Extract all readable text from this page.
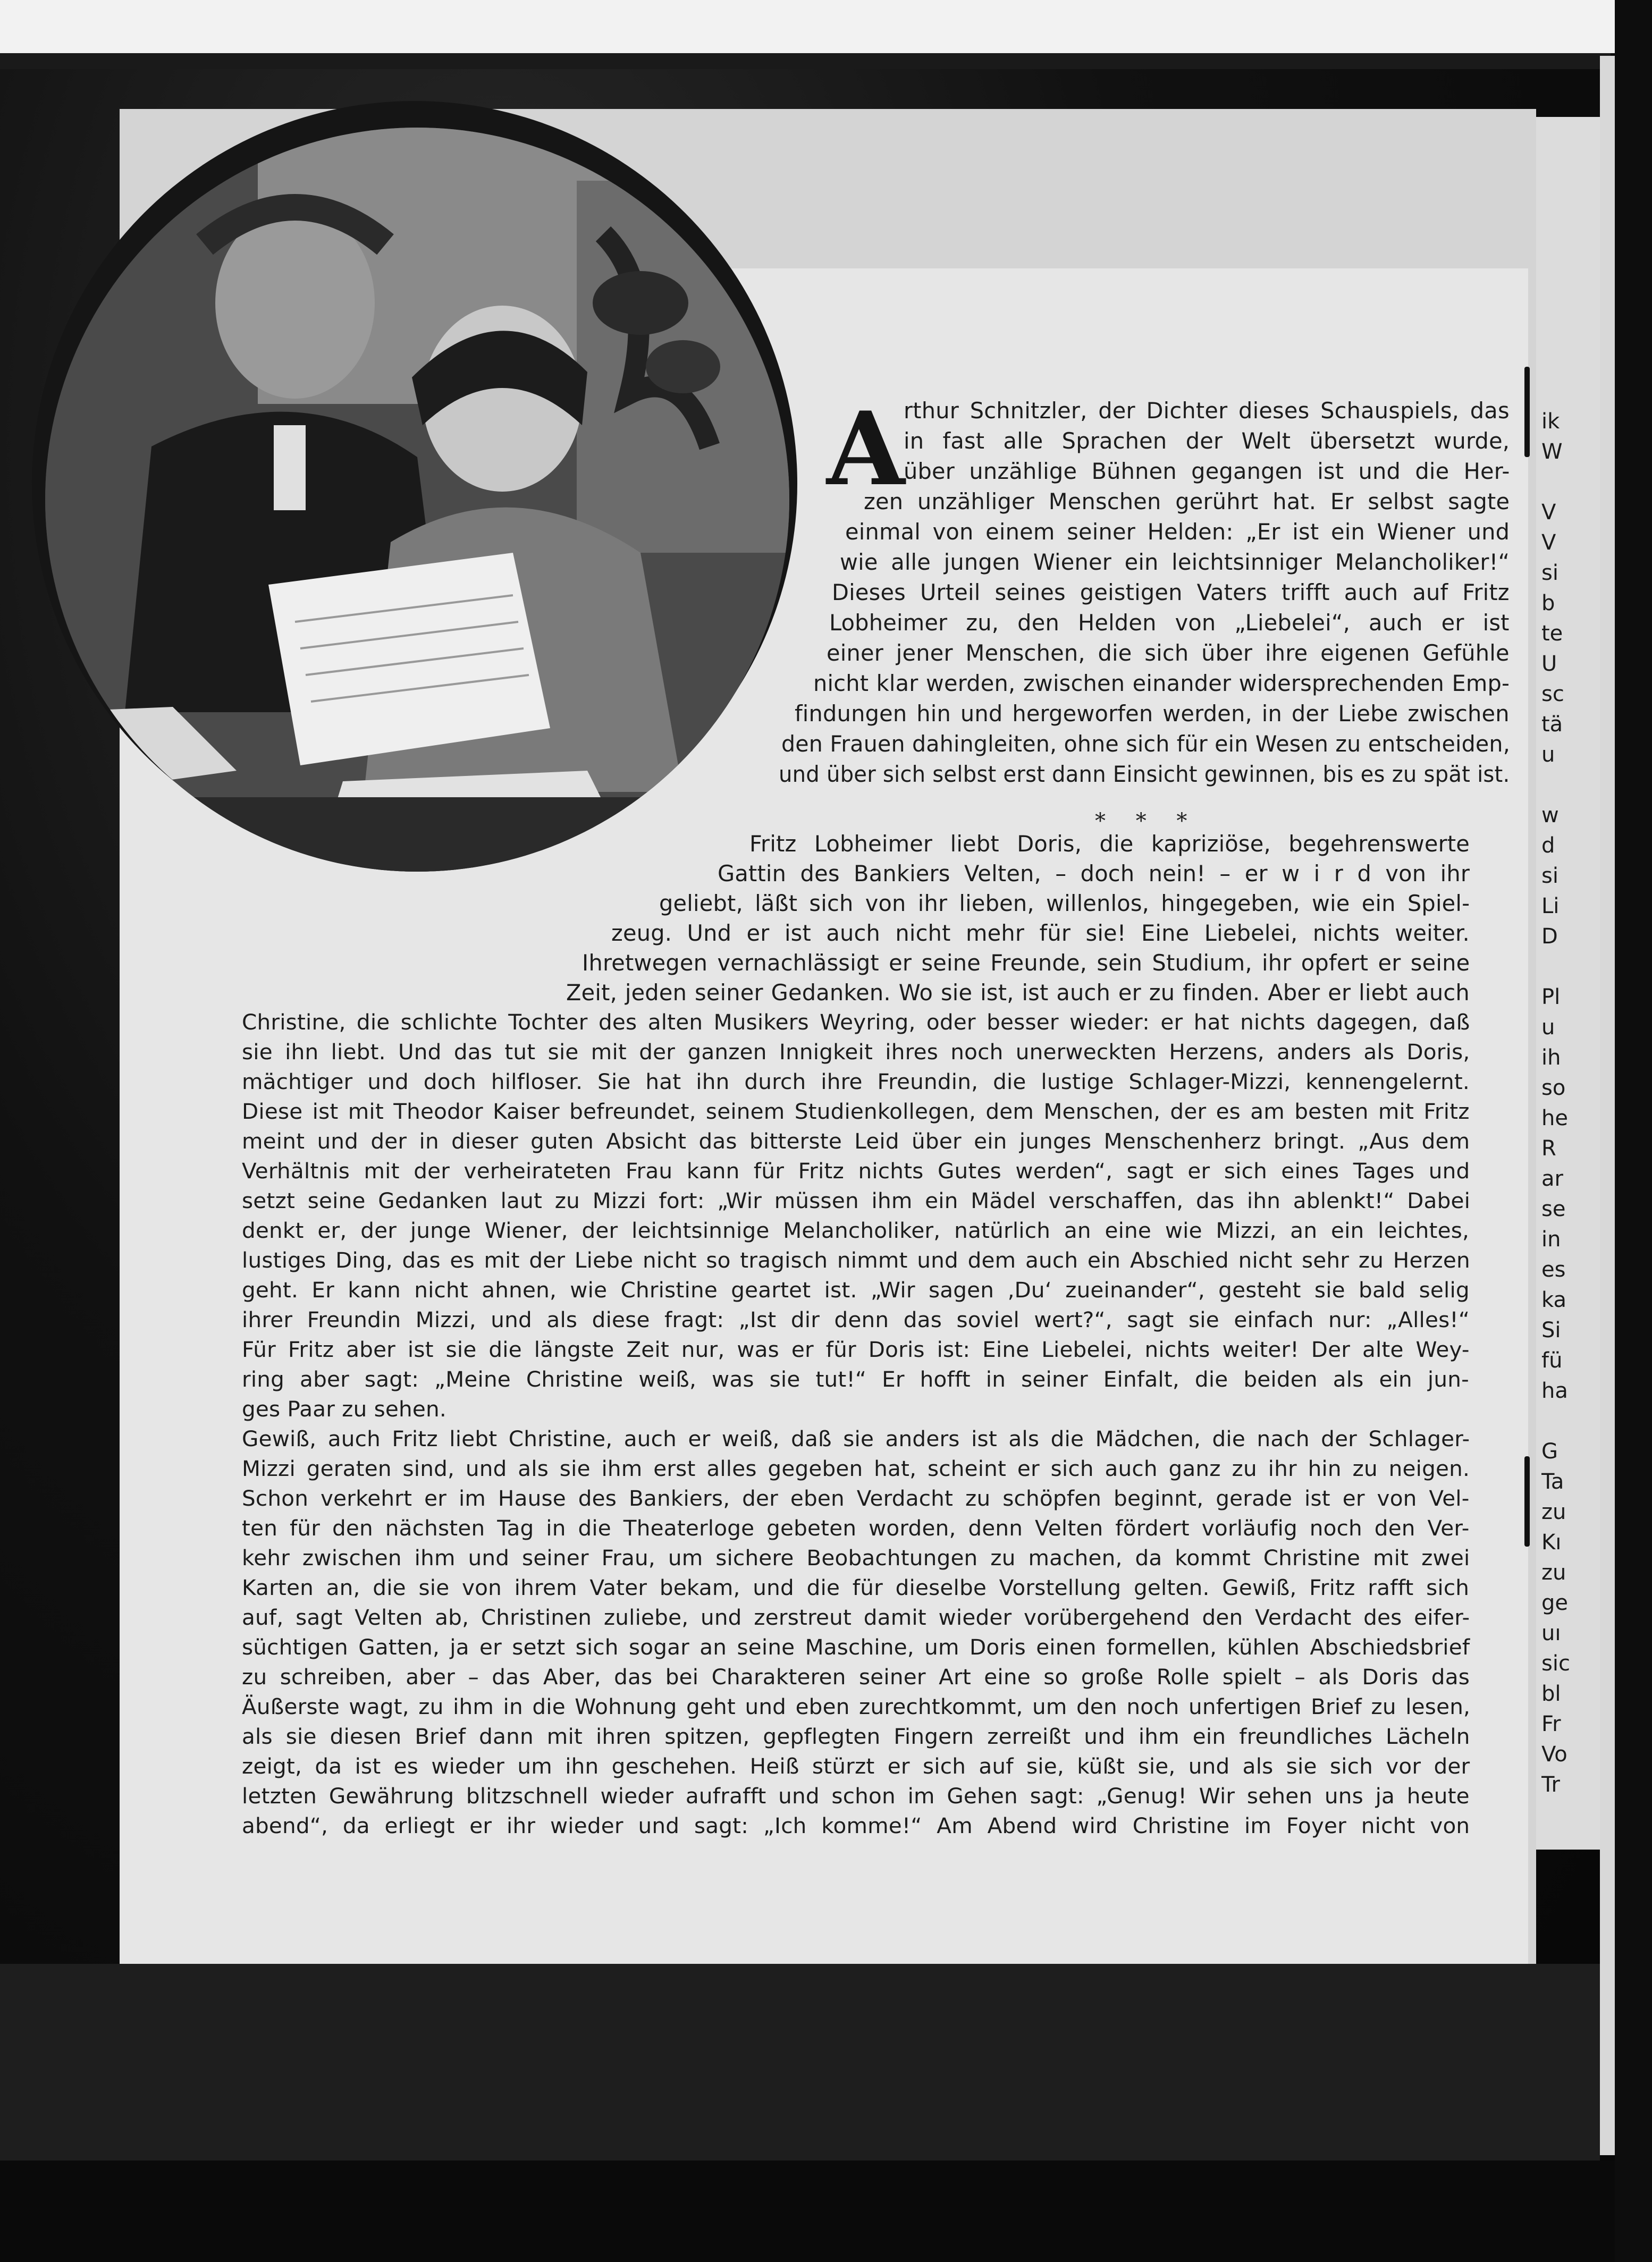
A
rthur Schnitzler, der Dichter dieses Schauspiels, das
in fast alle Sprachen der Welt übersetzt wurde,
über unzählige Bühnen gegangen ist und die Her-
zen unzähliger Menschen gerührt hat. Er selbst sagte
einmal von einem seiner Helden: „Er ist ein Wiener und
wie alle jungen Wiener ein leichtsinniger Melancholiker!“
Dieses Urteil seines geistigen Vaters trifft auch auf Fritz
Lobheimer zu, den Helden von „Liebelei“, auch er ist
einer jener Menschen, die sich über ihre eigenen Gefühle
nicht klar werden, zwischen einander widersprechenden Emp-
findungen hin und hergeworfen werden, in der Liebe zwischen
den Frauen dahingleiten, ohne sich für ein Wesen zu entscheiden,
und über sich selbst erst dann Einsicht gewinnen, bis es zu spät ist.
* * *
Fritz Lobheimer liebt Doris, die kapriziöse, begehrenswerte
Gattin des Bankiers Velten, – doch nein! – er w i r d von ihr
geliebt, läßt sich von ihr lieben, willenlos, hingegeben, wie ein Spiel-
zeug. Und er ist auch nicht mehr für sie! Eine Liebelei, nichts weiter.
Ihretwegen vernachlässigt er seine Freunde, sein Studium, ihr opfert er seine
Zeit, jeden seiner Gedanken. Wo sie ist, ist auch er zu finden. Aber er liebt auch
Christine, die schlichte Tochter des alten Musikers Weyring, oder besser wieder: er hat nichts dagegen, daß
sie ihn liebt. Und das tut sie mit der ganzen Innigkeit ihres noch unerweckten Herzens, anders als Doris,
mächtiger und doch hilfloser. Sie hat ihn durch ihre Freundin, die lustige Schlager-Mizzi, kennengelernt.
Diese ist mit Theodor Kaiser befreundet, seinem Studienkollegen, dem Menschen, der es am besten mit Fritz
meint und der in dieser guten Absicht das bitterste Leid über ein junges Menschenherz bringt. „Aus dem
Verhältnis mit der verheirateten Frau kann für Fritz nichts Gutes werden“, sagt er sich eines Tages und
setzt seine Gedanken laut zu Mizzi fort: „Wir müssen ihm ein Mädel verschaffen, das ihn ablenkt!“ Dabei
denkt er, der junge Wiener, der leichtsinnige Melancholiker, natürlich an eine wie Mizzi, an ein leichtes,
lustiges Ding, das es mit der Liebe nicht so tragisch nimmt und dem auch ein Abschied nicht sehr zu Herzen
geht. Er kann nicht ahnen, wie Christine geartet ist. „Wir sagen ‚Du‘ zueinander“, gesteht sie bald selig
ihrer Freundin Mizzi, und als diese fragt: „Ist dir denn das soviel wert?“, sagt sie einfach nur: „Alles!“
Für Fritz aber ist sie die längste Zeit nur, was er für Doris ist: Eine Liebelei, nichts weiter! Der alte Wey-
ring aber sagt: „Meine Christine weiß, was sie tut!“ Er hofft in seiner Einfalt, die beiden als ein jun-
ges Paar zu sehen.
Gewiß, auch Fritz liebt Christine, auch er weiß, daß sie anders ist als die Mädchen, die nach der Schlager-
Mizzi geraten sind, und als sie ihm erst alles gegeben hat, scheint er sich auch ganz zu ihr hin zu neigen.
Schon verkehrt er im Hause des Bankiers, der eben Verdacht zu schöpfen beginnt, gerade ist er von Vel-
ten für den nächsten Tag in die Theaterloge gebeten worden, denn Velten fördert vorläufig noch den Ver-
kehr zwischen ihm und seiner Frau, um sichere Beobachtungen zu machen, da kommt Christine mit zwei
Karten an, die sie von ihrem Vater bekam, und die für dieselbe Vorstellung gelten. Gewiß, Fritz rafft sich
auf, sagt Velten ab, Christinen zuliebe, und zerstreut damit wieder vorübergehend den Verdacht des eifer-
süchtigen Gatten, ja er setzt sich sogar an seine Maschine, um Doris einen formellen, kühlen Abschiedsbrief
zu schreiben, aber – das Aber, das bei Charakteren seiner Art eine so große Rolle spielt – als Doris das
Äußerste wagt, zu ihm in die Wohnung geht und eben zurechtkommt, um den noch unfertigen Brief zu lesen,
als sie diesen Brief dann mit ihren spitzen, gepflegten Fingern zerreißt und ihm ein freundliches Lächeln
zeigt, da ist es wieder um ihn geschehen. Heiß stürzt er sich auf sie, küßt sie, und als sie sich vor der
letzten Gewährung blitzschnell wieder aufrafft und schon im Gehen sagt: „Genug! Wir sehen uns ja heute
abend“, da erliegt er ihr wieder und sagt: „Ich komme!“ Am Abend wird Christine im Foyer nicht von
ik
W
V
V
si
b
te
U
sc
tä
u
w
d
si
Li
D
Pl
u
ih
so
he
R
ar
se
in
es
ka
Si
fü
ha
G
Ta
zu
Kı
zu
ge
uı
sic
bl
Fr
Vo
Tr
